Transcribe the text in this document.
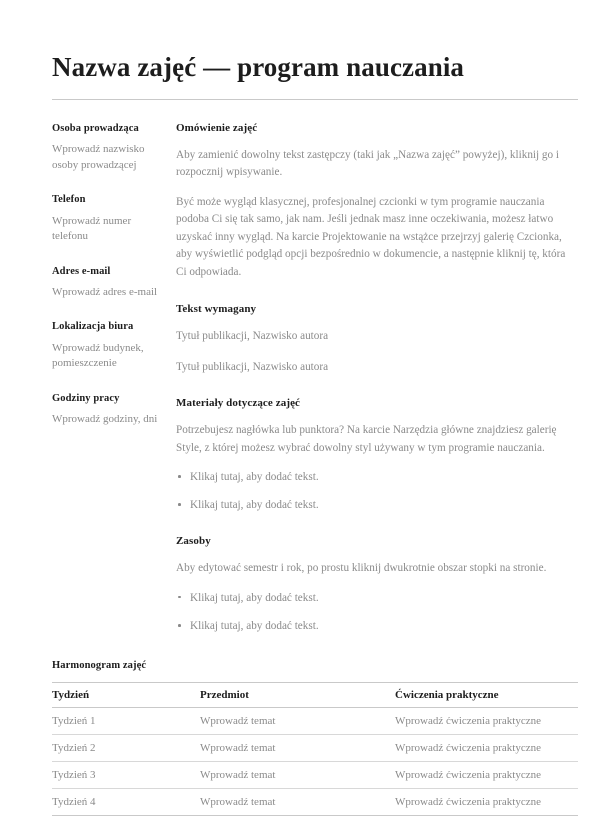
Nazwa zajęć — program nauczania
Osoba prowadząca

Wprowadź nazwisko osoby prowadzącej

Telefon

Wprowadź numer telefonu

Adres e-mail

Wprowadź adres e-mail

Lokalizacja biura

Wprowadź budynek, pomieszczenie

Godziny pracy

Wprowadź godziny, dni

Omówienie zajęć

Aby zamienić dowolny tekst zastępczy (taki jak „Nazwa zajęć” powyżej), kliknij go i rozpocznij wpisywanie.

Być może wygląd klasycznej, profesjonalnej czcionki w tym programie nauczania podoba Ci się tak samo, jak nam. Jeśli jednak masz inne oczekiwania, możesz łatwo uzyskać inny wygląd. Na karcie Projektowanie na wstążce przejrzyj galerię Czcionka, aby wyświetlić podgląd opcji bezpośrednio w dokumencie, a następnie kliknij tę, która Ci odpowiada.

Tekst wymagany

Tytuł publikacji, Nazwisko autora

Tytuł publikacji, Nazwisko autora

Materiały dotyczące zajęć

Potrzebujesz nagłówka lub punktora? Na karcie Narzędzia główne znajdziesz galerię Style, z której możesz wybrać dowolny styl używany w tym programie nauczania.

Klikaj tutaj, aby dodać tekst.
Klikaj tutaj, aby dodać tekst.
Zasoby

Aby edytować semestr i rok, po prostu kliknij dwukrotnie obszar stopki na stronie.

Klikaj tutaj, aby dodać tekst.
Klikaj tutaj, aby dodać tekst.
Harmonogram zajęć
Tydzień	Przedmiot	Ćwiczenia praktyczne
Tydzień 1	Wprowadź temat	Wprowadź ćwiczenia praktyczne
Tydzień 2	Wprowadź temat	Wprowadź ćwiczenia praktyczne
Tydzień 3	Wprowadź temat	Wprowadź ćwiczenia praktyczne
Tydzień 4	Wprowadź temat	Wprowadź ćwiczenia praktyczne
